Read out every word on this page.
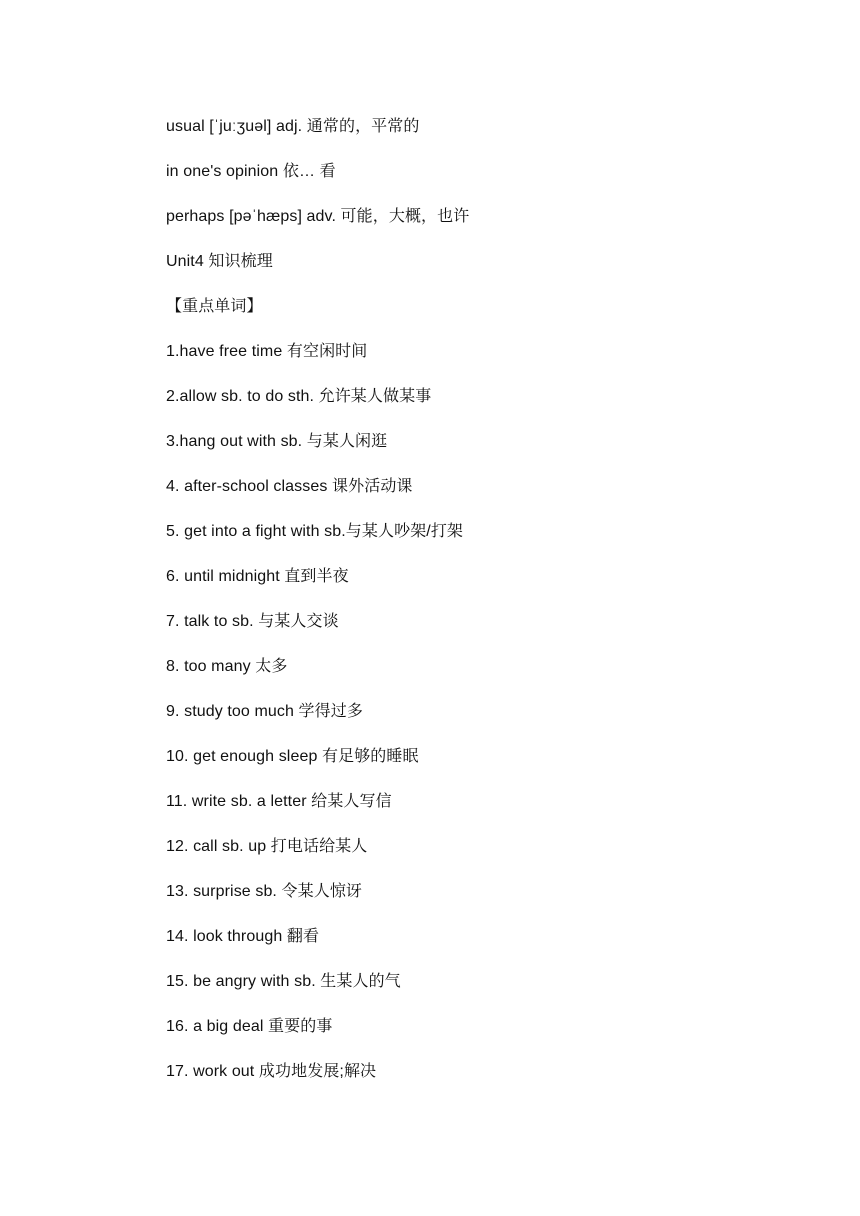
usual [ˈjuːʒuəl] adj. 通常的，平常的
in one's opinion 依… 看
perhaps [pəˈhæps] adv. 可能，大概，也许
Unit4 知识梳理
【重点单词】
1.have free time 有空闲时间
2.allow sb. to do sth. 允许某人做某事
3.hang out with sb. 与某人闲逛
4. after-school classes 课外活动课
5. get into a fight with sb.与某人吵架/打架
6. until midnight 直到半夜
7. talk to sb. 与某人交谈
8. too many 太多
9. study too much 学得过多
10. get enough sleep 有足够的睡眠
11. write sb. a letter 给某人写信
12. call sb. up 打电话给某人
13. surprise sb. 令某人惊讶
14. look through 翻看
15. be angry with sb. 生某人的气
16. a big deal 重要的事
17. work out 成功地发展;解决
